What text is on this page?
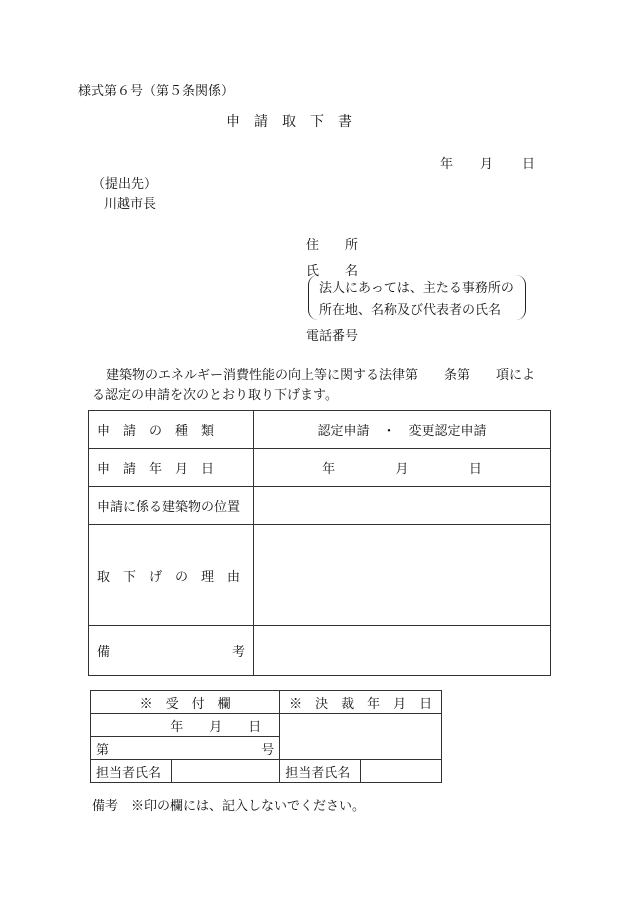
様式第６号（第５条関係）
申　請　取　下　書
年 月 日
（提出先）
川越市長
住　　所
氏　　名
法人にあっては、主たる事務所の
所在地、名称及び代表者の氏名
電話番号
建築物のエネルギー消費性能の向上等に関する法律第　　条第　　項によ
る認定の申請を次のとおり取り下げます。
申　請　の　種　類	認定申請　・　変更認定申請
申　請　年　月　日	年 月 日

申請に係る建築物の位置	
取　下　げ　の　理　由	

備 考	

※　受　付　欄		※　決　裁　年　月　日	
年　　月　　日			

第 号			

担当者氏名		担当者氏名	
備考　※印の欄には、記入しないでください。
